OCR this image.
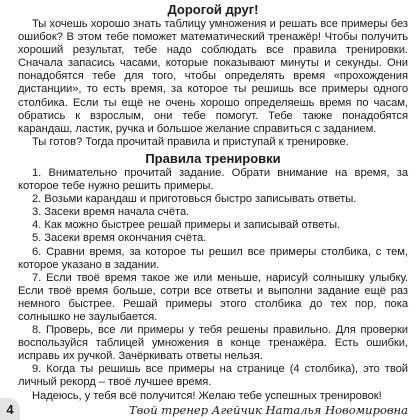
Дорогой друг!

Ты хочешь хорошо знать таблицу умножения и решать все примеры без ошибок? В этом тебе поможет математический тренажёр! Чтобы получить хороший результат, тебе надо соблюдать все правила тренировки. Сначала запасись часами, которые показывают минуты и секунды. Они понадобятся тебе для того, чтобы определять время «прохождения дистанции», то есть время, за которое ты решишь все примеры одного столбика. Если ты ещё не очень хорошо определяешь время по часам, обратись к взрослым, они тебе помогут. Тебе также понадобятся карандаш, ластик, ручка и большое желание справиться с заданием.

Ты готов? Тогда прочитай правила и приступай к тренировке.

Правила тренировки

1. Внимательно прочитай задание. Обрати внимание на время, за которое тебе нужно решить примеры.

2. Возьми карандаш и приготовься быстро записывать ответы.

3. Засеки время начала счёта.

4. Как можно быстрее решай примеры и записывай ответы.

5. Засеки время окончания счёта.

6. Сравни время, за которое ты решил все примеры столбика, с тем, которое указано в задании.

7. Если твоё время такое же или меньше, нарисуй солнышку улыбку. Если твоё время больше, сотри все ответы и выполни задание ещё раз немного быстрее. Решай примеры этого столбика до тех пор, пока солнышко не заулыбается.

8. Проверь, все ли примеры у тебя решены правильно. Для проверки воспользуйся таблицей умножения в конце тренажёра. Есть ошибки, исправь их ручкой. Зачёркивать ответы нельзя.

9. Когда ты решишь все примеры на странице (4 столбика), это твой личный рекорд – твоё лучшее время.

Надеюсь, у тебя всё получится! Желаю тебе успешных тренировок!

Твой тренер Агейчик Наталья Новомировна
4
